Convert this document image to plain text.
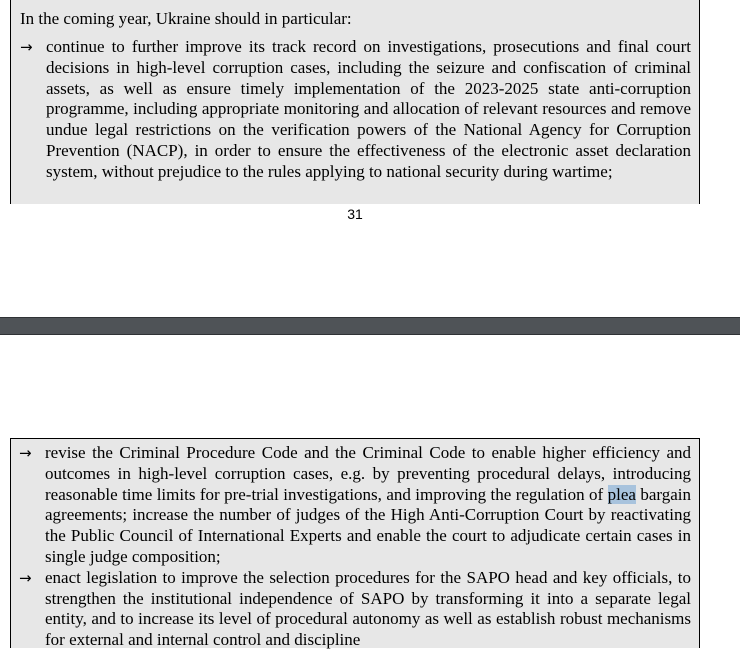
In the coming year, Ukraine should in particular:

→ continue to further improve its track record on investigations, prosecutions and final court decisions in high-level corruption cases, including the seizure and confiscation of criminal assets, as well as ensure timely implementation of the 2023-2025 state anti-corruption programme, including appropriate monitoring and allocation of relevant resources and remove undue legal restrictions on the verification powers of the National Agency for Corruption Prevention (NACP), in order to ensure the effectiveness of the electronic asset declaration system, without prejudice to the rules applying to national security during wartime;
31
→ revise the Criminal Procedure Code and the Criminal Code to enable higher efficiency and outcomes in high-level corruption cases, e.g. by preventing procedural delays, introducing reasonable time limits for pre-trial investigations, and improving the regulation of plea bargain agreements; increase the number of judges of the High Anti-Corruption Court by reactivating the Public Council of International Experts and enable the court to adjudicate certain cases in single judge composition;
→ enact legislation to improve the selection procedures for the SAPO head and key officials, to strengthen the institutional independence of SAPO by transforming it into a separate legal entity, and to increase its level of procedural autonomy as well as establish robust mechanisms for external and internal control and discipline
